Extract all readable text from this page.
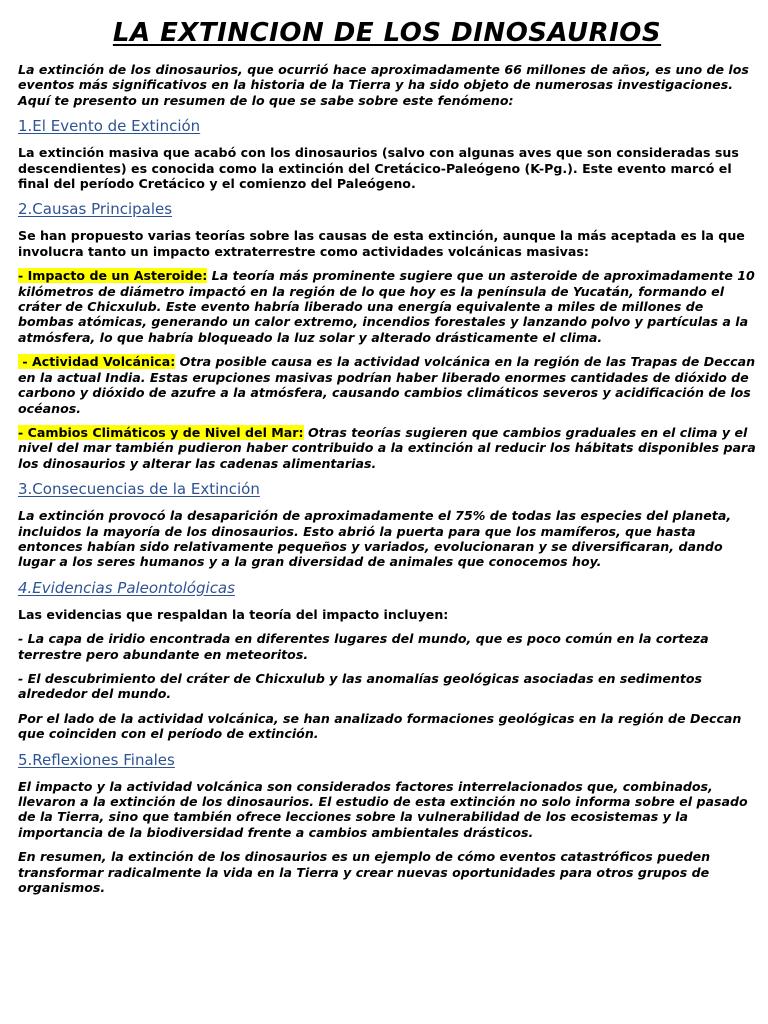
LA EXTINCION DE LOS DINOSAURIOS

La extinción de los dinosaurios, que ocurrió hace aproximadamente 66 millones de años, es uno de los eventos más significativos en la historia de la Tierra y ha sido objeto de numerosas investigaciones. Aquí te presento un resumen de lo que se sabe sobre este fenómeno:

1.El Evento de Extinción

La extinción masiva que acabó con los dinosaurios (salvo con algunas aves que son consideradas sus descendientes) es conocida como la extinción del Cretácico-Paleógeno (K-Pg.). Este evento marcó el final del período Cretácico y el comienzo del Paleógeno.

2.Causas Principales

Se han propuesto varias teorías sobre las causas de esta extinción, aunque la más aceptada es la que involucra tanto un impacto extraterrestre como actividades volcánicas masivas:

- Impacto de un Asteroide: La teoría más prominente sugiere que un asteroide de aproximadamente 10 kilómetros de diámetro impactó en la región de lo que hoy es la península de Yucatán, formando el cráter de Chicxulub. Este evento habría liberado una energía equivalente a miles de millones de bombas atómicas, generando un calor extremo, incendios forestales y lanzando polvo y partículas a la atmósfera, lo que habría bloqueado la luz solar y alterado drásticamente el clima.

- Actividad Volcánica: Otra posible causa es la actividad volcánica en la región de las Trapas de Deccan en la actual India. Estas erupciones masivas podrían haber liberado enormes cantidades de dióxido de carbono y dióxido de azufre a la atmósfera, causando cambios climáticos severos y acidificación de los océanos.

- Cambios Climáticos y de Nivel del Mar: Otras teorías sugieren que cambios graduales en el clima y el nivel del mar también pudieron haber contribuido a la extinción al reducir los hábitats disponibles para los dinosaurios y alterar las cadenas alimentarias.

3.Consecuencias de la Extinción

La extinción provocó la desaparición de aproximadamente el 75% de todas las especies del planeta, incluidos la mayoría de los dinosaurios. Esto abrió la puerta para que los mamíferos, que hasta entonces habían sido relativamente pequeños y variados, evolucionaran y se diversificaran, dando lugar a los seres humanos y a la gran diversidad de animales que conocemos hoy.

4.Evidencias Paleontológicas

Las evidencias que respaldan la teoría del impacto incluyen:

- La capa de iridio encontrada en diferentes lugares del mundo, que es poco común en la corteza terrestre pero abundante en meteoritos.

- El descubrimiento del cráter de Chicxulub y las anomalías geológicas asociadas en sedimentos alrededor del mundo.

Por el lado de la actividad volcánica, se han analizado formaciones geológicas en la región de Deccan que coinciden con el período de extinción.

5.Reflexiones Finales

El impacto y la actividad volcánica son considerados factores interrelacionados que, combinados, llevaron a la extinción de los dinosaurios. El estudio de esta extinción no solo informa sobre el pasado de la Tierra, sino que también ofrece lecciones sobre la vulnerabilidad de los ecosistemas y la importancia de la biodiversidad frente a cambios ambientales drásticos.

En resumen, la extinción de los dinosaurios es un ejemplo de cómo eventos catastróficos pueden transformar radicalmente la vida en la Tierra y crear nuevas oportunidades para otros grupos de organismos.
